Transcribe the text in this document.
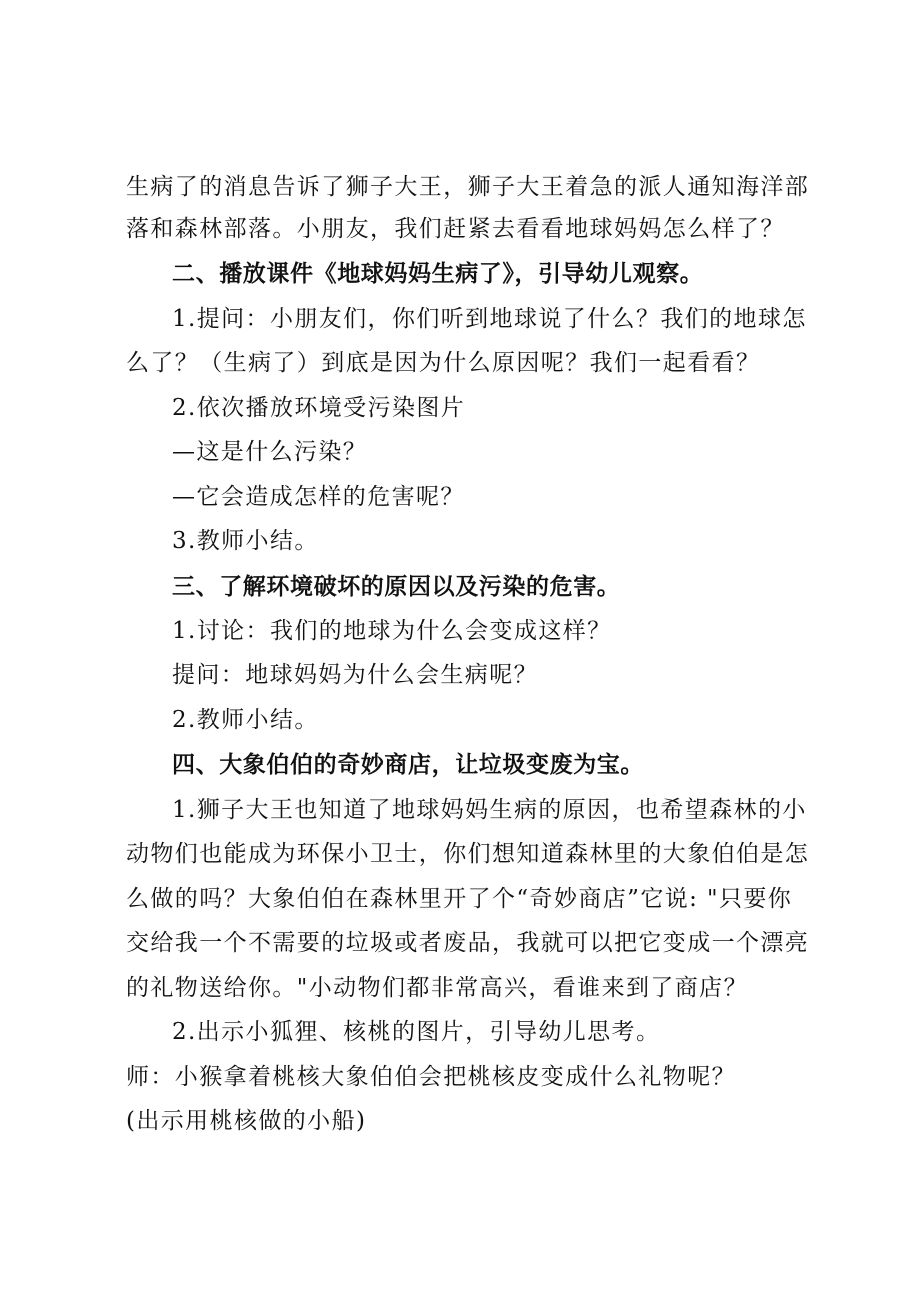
生病了的消息告诉了狮子大王，狮子大王着急的派人通知海洋部
落和森林部落。小朋友，我们赶紧去看看地球妈妈怎么样了？
二、播放课件《地球妈妈生病了》，引导幼儿观察。
1.提问：小朋友们，你们听到地球说了什么？我们的地球怎
么了？（生病了）到底是因为什么原因呢？我们一起看看？
2.依次播放环境受污染图片
—这是什么污染？
—它会造成怎样的危害呢？
3.教师小结。
三、了解环境破坏的原因以及污染的危害。
1.讨论：我们的地球为什么会变成这样？
提问：地球妈妈为什么会生病呢？
2.教师小结。
四、大象伯伯的奇妙商店，让垃圾变废为宝。
1.狮子大王也知道了地球妈妈生病的原因，也希望森林的小
动物们也能成为环保小卫士，你们想知道森林里的大象伯伯是怎
么做的吗？大象伯伯在森林里开了个“奇妙商店”它说: "只要你
交给我一个不需要的垃圾或者废品，我就可以把它变成一个漂亮
的礼物送给你。"小动物们都非常高兴，看谁来到了商店？
2.出示小狐狸、核桃的图片，引导幼儿思考。
师：小猴拿着桃核大象伯伯会把桃核皮变成什么礼物呢？
(出示用桃核做的小船)
